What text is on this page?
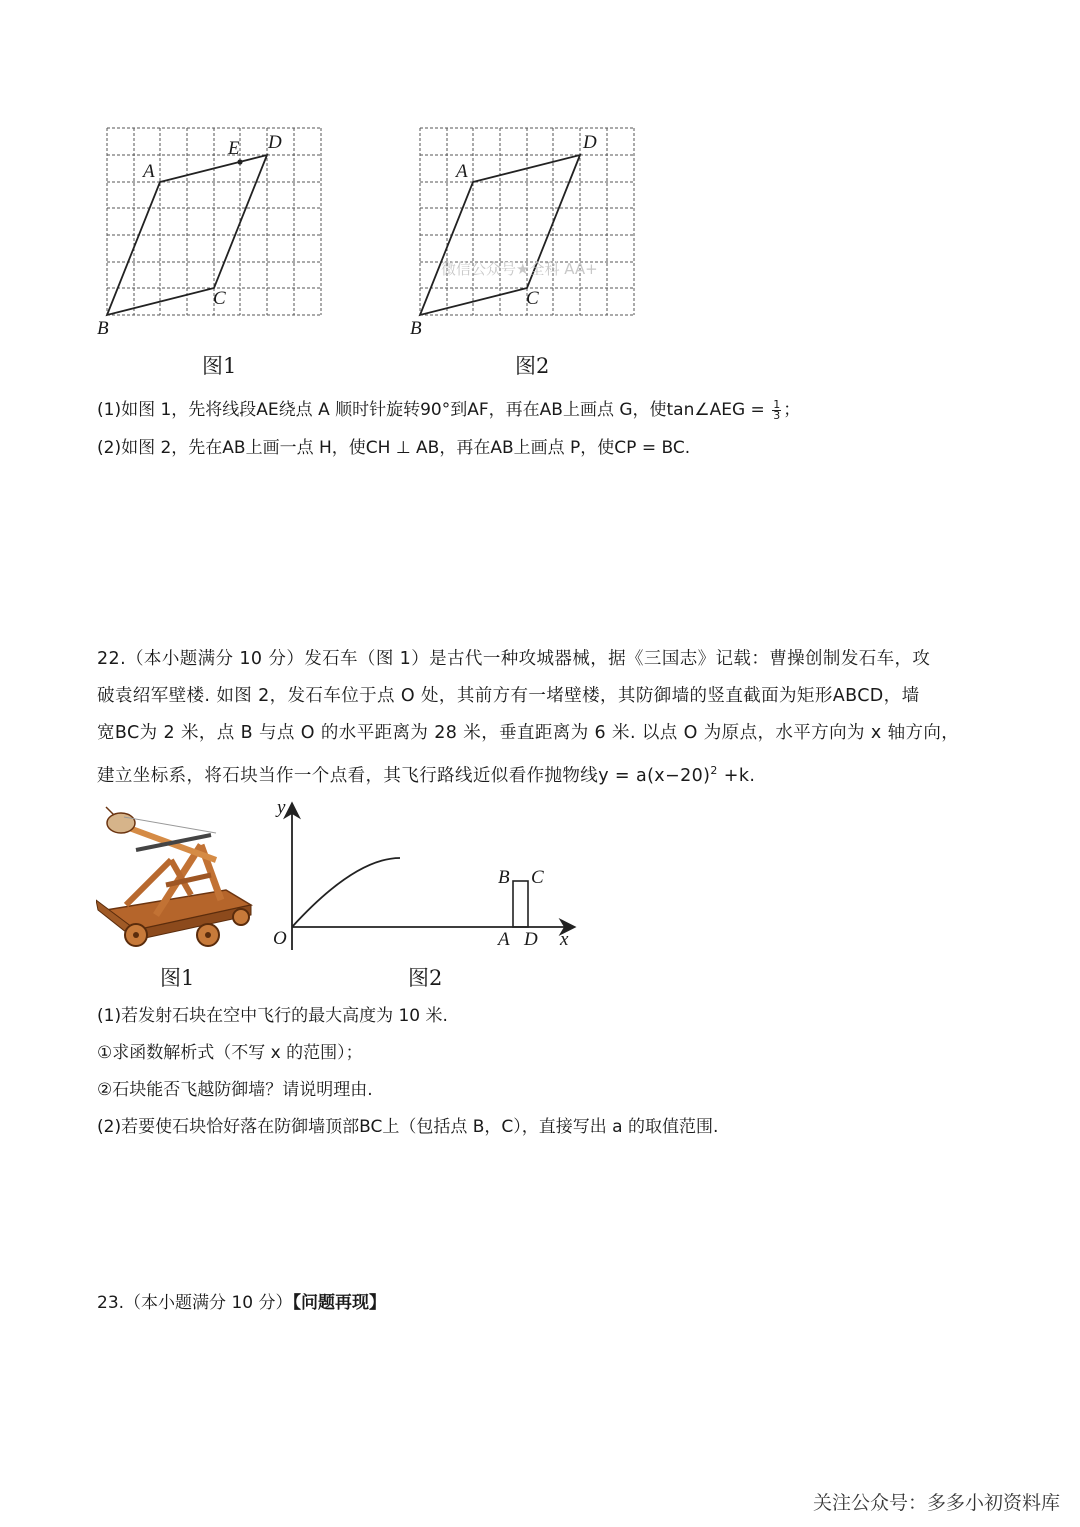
A
E D
C
B
图1
微信公众号★全科 AA+
A
D
C
B
图2
(1)如图 1，先将线段AE绕点 A 顺时针旋转90°到AF，再在AB上画点 G，使tan∠AEG = $\frac{1}{3}$ ；
(2)如图 2，先在AB上画一点 H，使CH ⊥ AB，再在AB上画点 P，使CP = BC.
22.（本小题满分 10 分）发石车（图 1）是古代一种攻城器械，据《三国志》记载：曹操创制发石车，攻
破袁绍军壁楼. 如图 2，发石车位于点 O 处，其前方有一堵壁楼，其防御墙的竖直截面为矩形ABCD，墙
宽BC为 2 米，点 B 与点 O 的水平距离为 28 米，垂直距离为 6 米. 以点 O 为原点，水平方向为 x 轴方向，
建立坐标系，将石块当作一个点看，其飞行路线近似看作抛物线$y = a(x-20)^2 +k$.
图1
y
O
B C
A D x
图2
(1)若发射石块在空中飞行的最大高度为 10 米.
①求函数解析式（不写 x 的范围）；
②石块能否飞越防御墙？请说明理由.
(2)若要使石块恰好落在防御墙顶部BC上（包括点 B，C），直接写出 a 的取值范围.
23.（本小题满分 10 分）【问题再现】
关注公众号：多多小初资料库
